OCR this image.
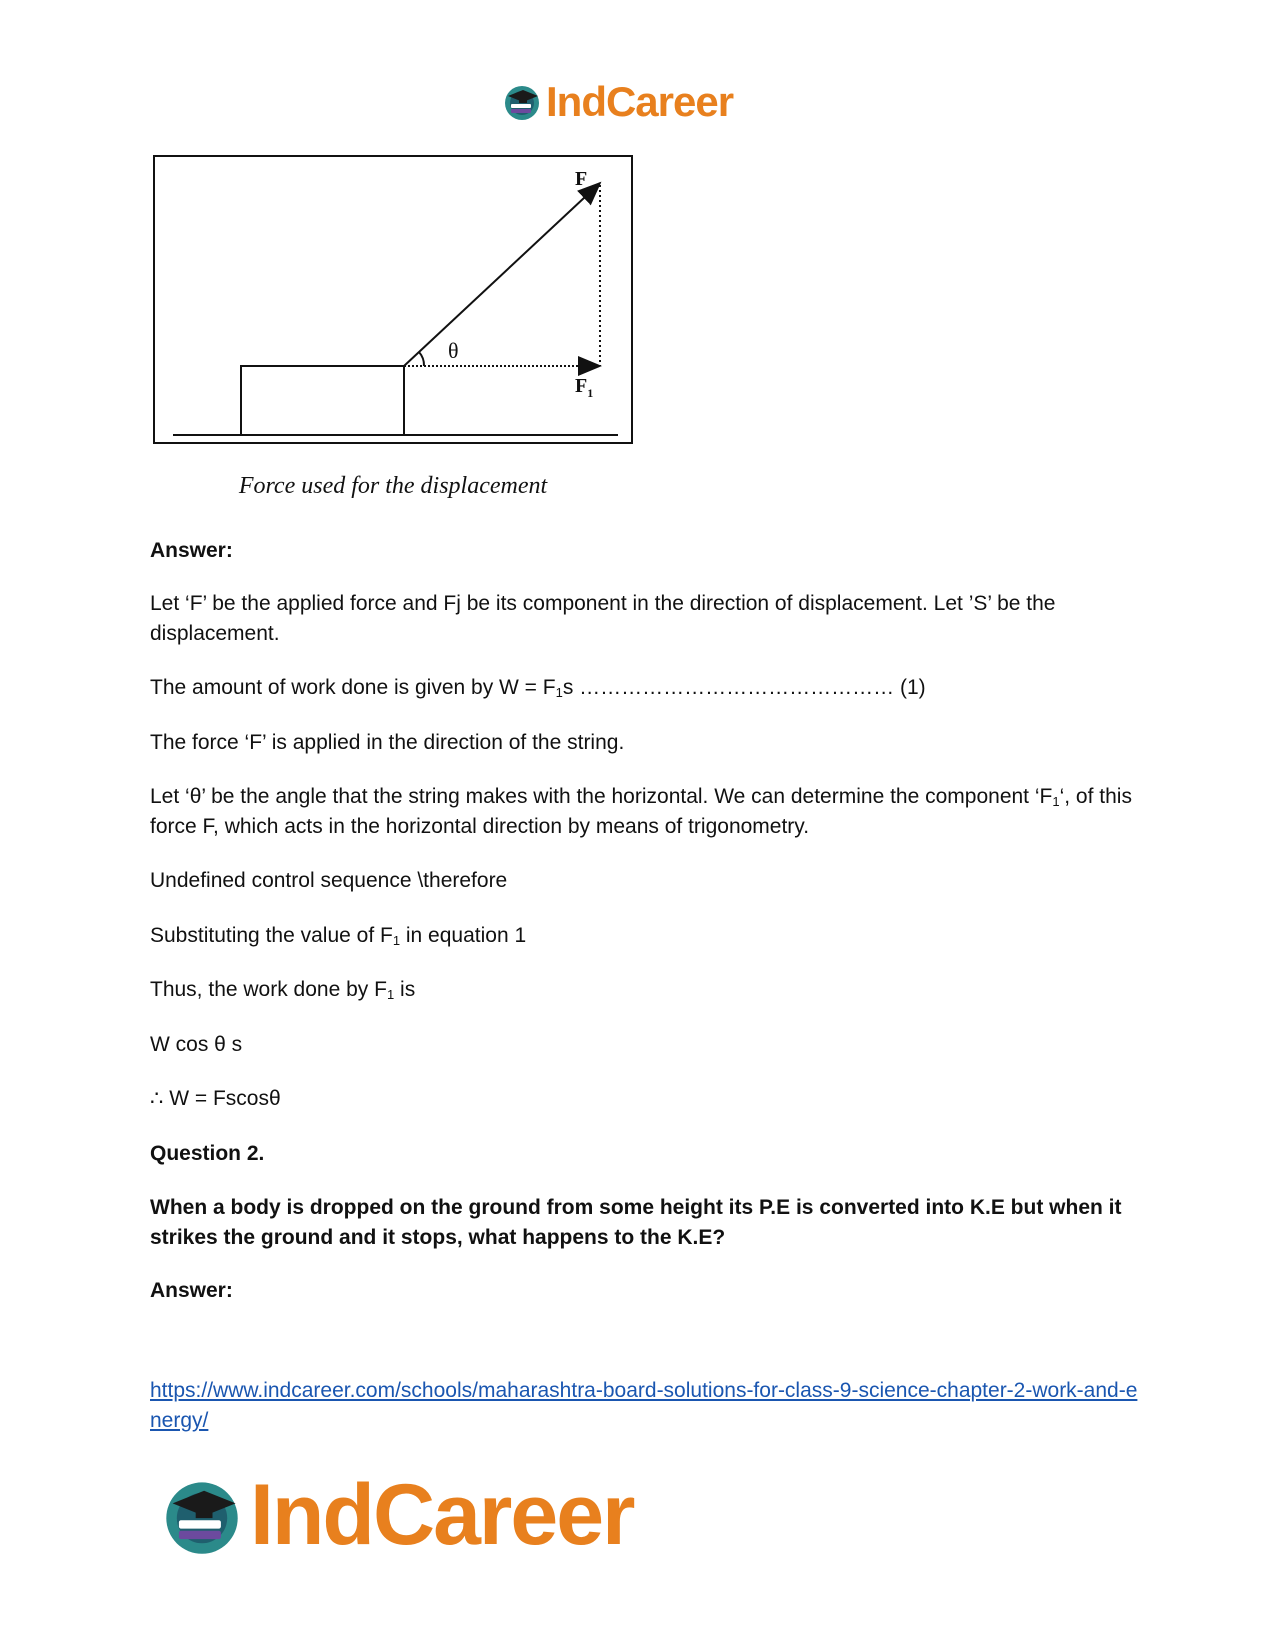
IndCareer
F
θ
$F_1$
Force used for the displacement

Answer:

Let ‘F’ be the applied force and Fj be its component in the direction of displacement. Let ’S’ be the displacement.

The amount of work done is given by $W = F_1s$ ……………………………………… (1)

The force ‘F’ is applied in the direction of the string.

Let ‘θ’ be the angle that the string makes with the horizontal. We can determine the component ‘$F_1‘$, of this force F, which acts in the horizontal direction by means of trigonometry.

Undefined control sequence \therefore

Substituting the value of $F_1$ in equation 1

Thus, the work done by $F_1$ is

W cos θ s

∴ W = Fscosθ

Question 2.

When a body is dropped on the ground from some height its P.E is converted into K.E but when it strikes the ground and it stops, what happens to the K.E?

Answer:

https://www.indcareer.com/schools/maharashtra-board-solutions-for-class-9-science-chapter-2-work-and-energy/

IndCareer
